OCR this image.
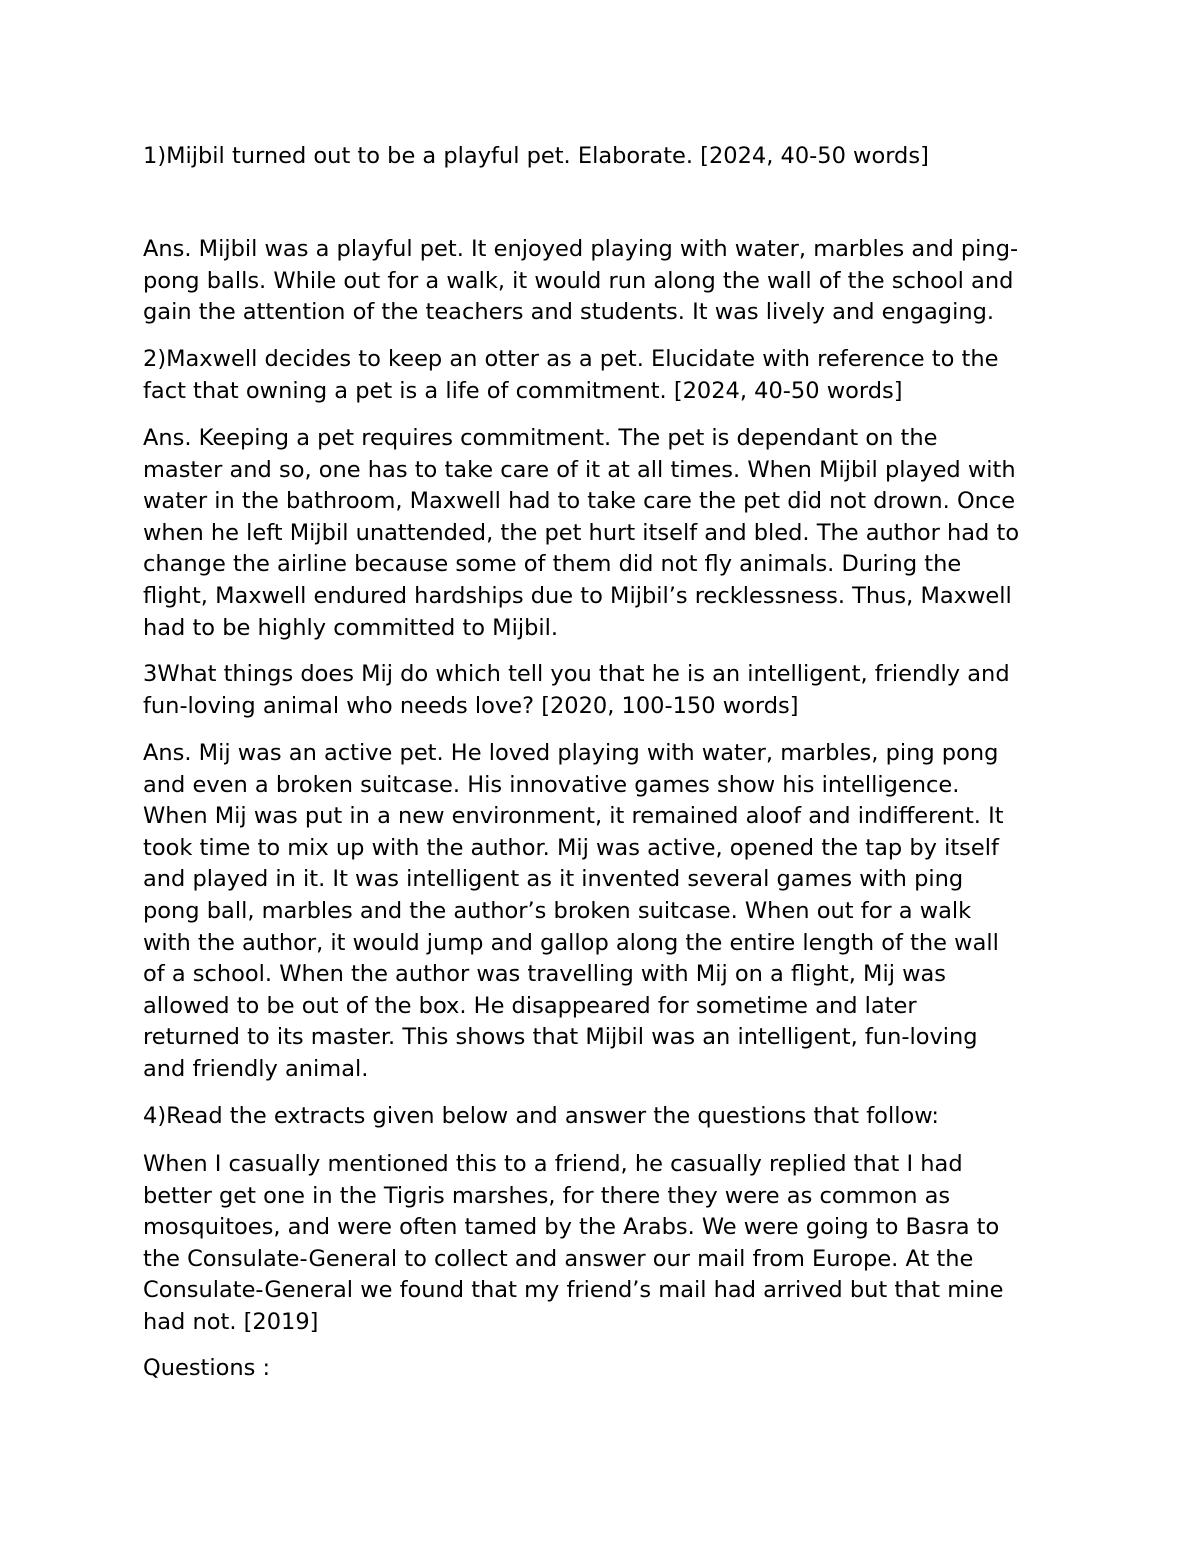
1)Mijbil turned out to be a playful pet. Elaborate. [2024, 40-50 words]

Ans. Mijbil was a playful pet. It enjoyed playing with water, marbles and ping-
pong balls. While out for a walk, it would run along the wall of the school and
gain the attention of the teachers and students. It was lively and engaging.

2)Maxwell decides to keep an otter as a pet. Elucidate with reference to the
fact that owning a pet is a life of commitment. [2024, 40-50 words]

Ans. Keeping a pet requires commitment. The pet is dependant on the
master and so, one has to take care of it at all times. When Mijbil played with
water in the bathroom, Maxwell had to take care the pet did not drown. Once
when he left Mijbil unattended, the pet hurt itself and bled. The author had to
change the airline because some of them did not fly animals. During the
flight, Maxwell endured hardships due to Mijbil’s recklessness. Thus, Maxwell
had to be highly committed to Mijbil.

3What things does Mij do which tell you that he is an intelligent, friendly and
fun-loving animal who needs love? [2020, 100-150 words]

Ans. Mij was an active pet. He loved playing with water, marbles, ping pong
and even a broken suitcase. His innovative games show his intelligence.
When Mij was put in a new environment, it remained aloof and indifferent. It
took time to mix up with the author. Mij was active, opened the tap by itself
and played in it. It was intelligent as it invented several games with ping
pong ball, marbles and the author’s broken suitcase. When out for a walk
with the author, it would jump and gallop along the entire length of the wall
of a school. When the author was travelling with Mij on a flight, Mij was
allowed to be out of the box. He disappeared for sometime and later
returned to its master. This shows that Mijbil was an intelligent, fun-loving
and friendly animal.

4)Read the extracts given below and answer the questions that follow:

When I casually mentioned this to a friend, he casually replied that I had
better get one in the Tigris marshes, for there they were as common as
mosquitoes, and were often tamed by the Arabs. We were going to Basra to
the Consulate-General to collect and answer our mail from Europe. At the
Consulate-General we found that my friend’s mail had arrived but that mine
had not. [2019]

Questions :
